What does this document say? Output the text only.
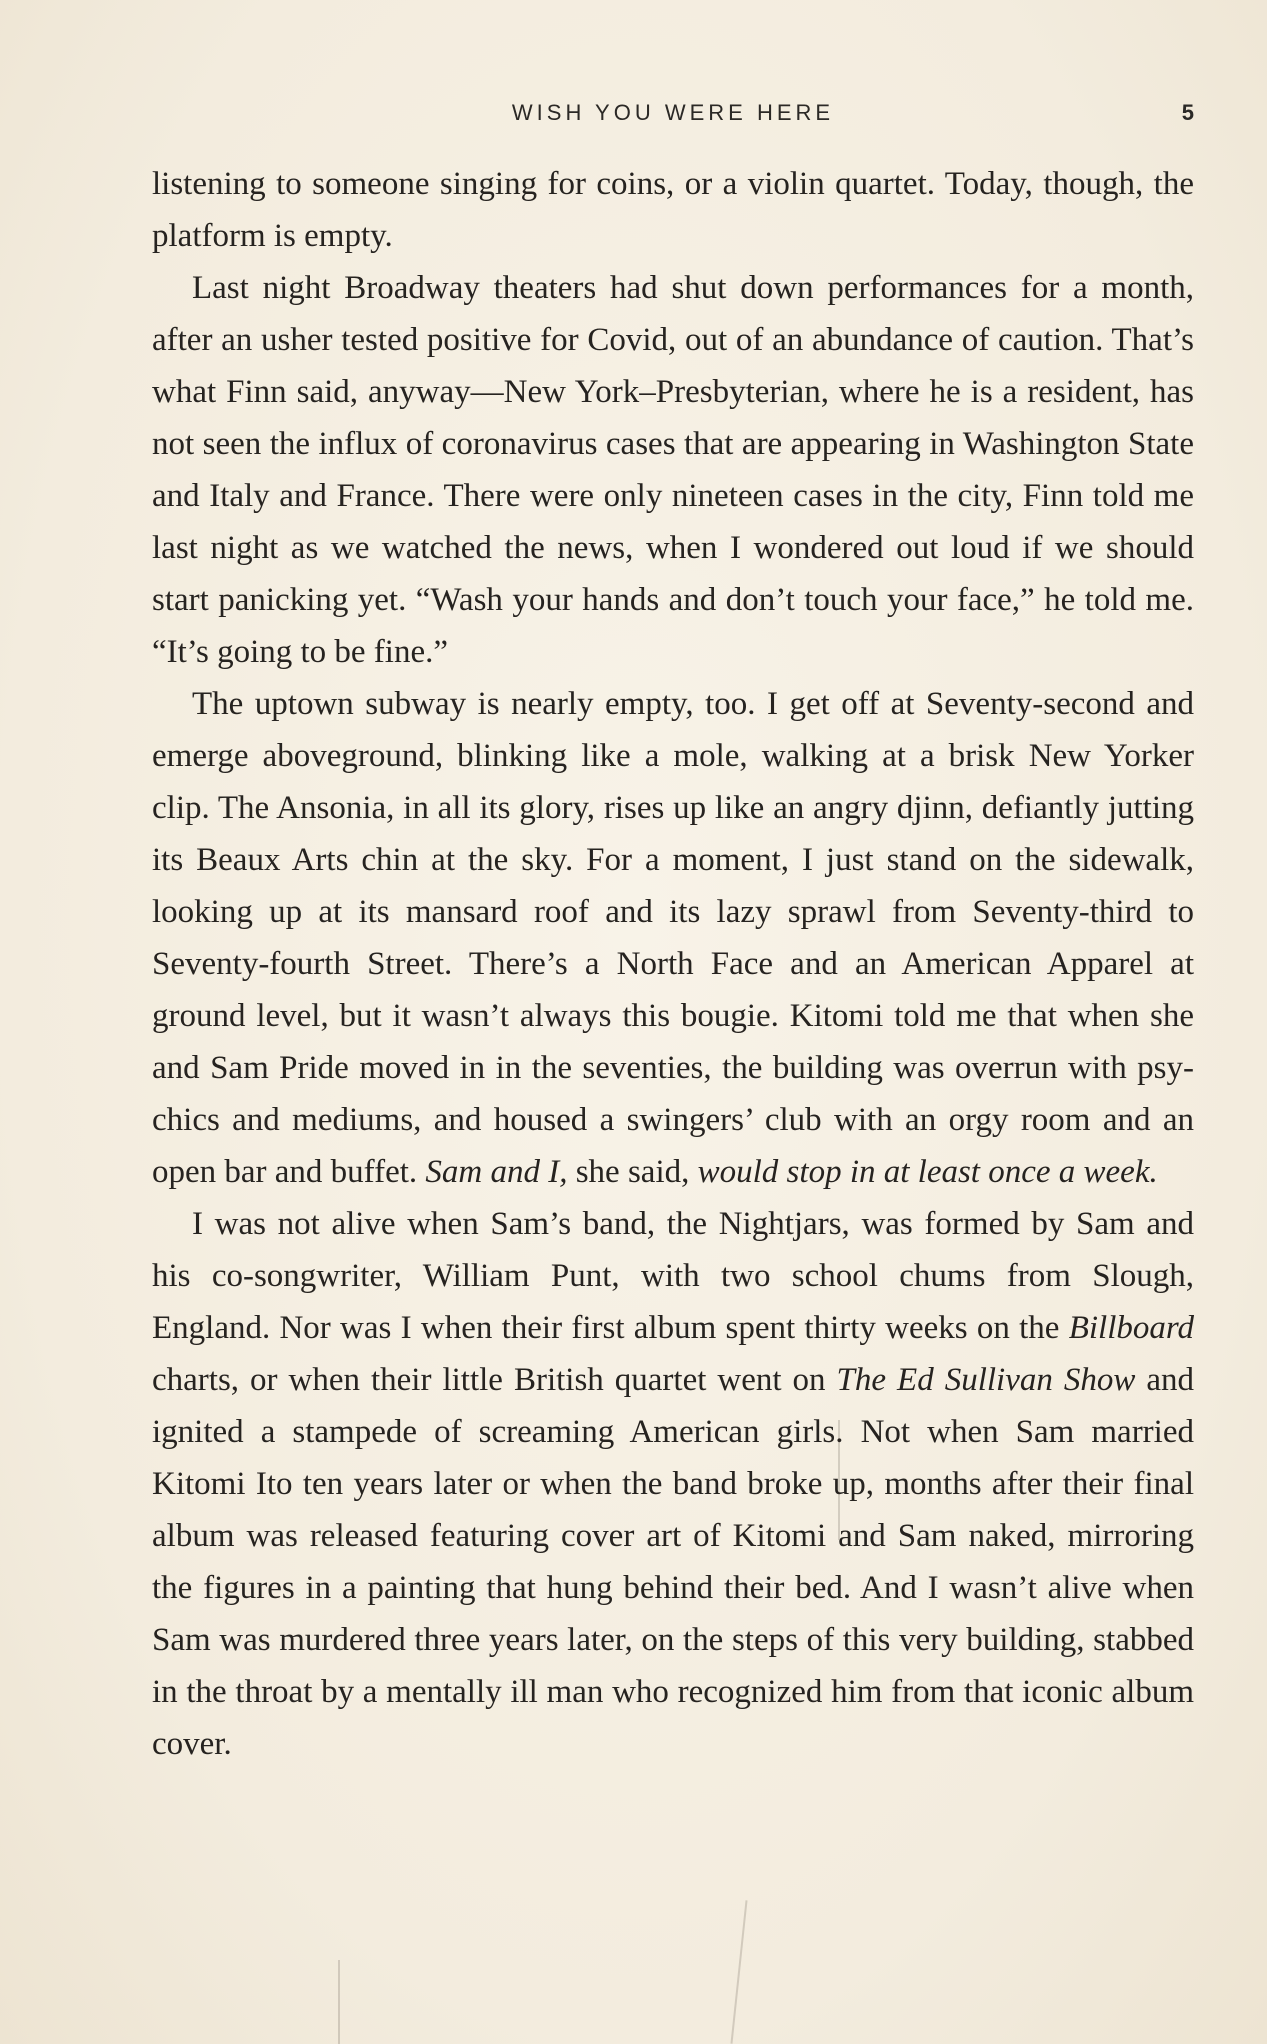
WISH YOU WERE HERE	5

listening to someone singing for coins, or a violin quartet. Today, though, the platform is empty.

Last night Broadway theaters had shut down performances for a month, after an usher tested positive for Covid, out of an abundance of caution. That’s what Finn said, anyway—New York–Presbyterian, where he is a resident, has not seen the influx of coronavirus cases that are appearing in Washington State and Italy and France. There were only nineteen cases in the city, Finn told me last night as we watched the news, when I wondered out loud if we should start panicking yet. “Wash your hands and don’t touch your face,” he told me. “It’s going to be fine.”

The uptown subway is nearly empty, too. I get off at Seventy-second and emerge aboveground, blinking like a mole, walking at a brisk New Yorker clip. The Ansonia, in all its glory, rises up like an angry djinn, defiantly jutting its Beaux Arts chin at the sky. For a moment, I just stand on the sidewalk, looking up at its mansard roof and its lazy sprawl from Seventy-third to Seventy-fourth Street. There’s a North Face and an American Apparel at ground level, but it wasn’t always this bougie. Kitomi told me that when she and Sam Pride moved in in the seventies, the building was overrun with psychics and mediums, and housed a swingers’ club with an orgy room and an open bar and buffet. Sam and I, she said, would stop in at least once a week.

I was not alive when Sam’s band, the Nightjars, was formed by Sam and his co-songwriter, William Punt, with two school chums from Slough, England. Nor was I when their first album spent thirty weeks on the Billboard charts, or when their little British quartet went on The Ed Sullivan Show and ignited a stampede of screaming American girls. Not when Sam married Kitomi Ito ten years later or when the band broke up, months after their final album was released featuring cover art of Kitomi and Sam naked, mirroring the figures in a painting that hung behind their bed. And I wasn’t alive when Sam was murdered three years later, on the steps of this very building, stabbed in the throat by a mentally ill man who recognized him from that iconic album cover.
